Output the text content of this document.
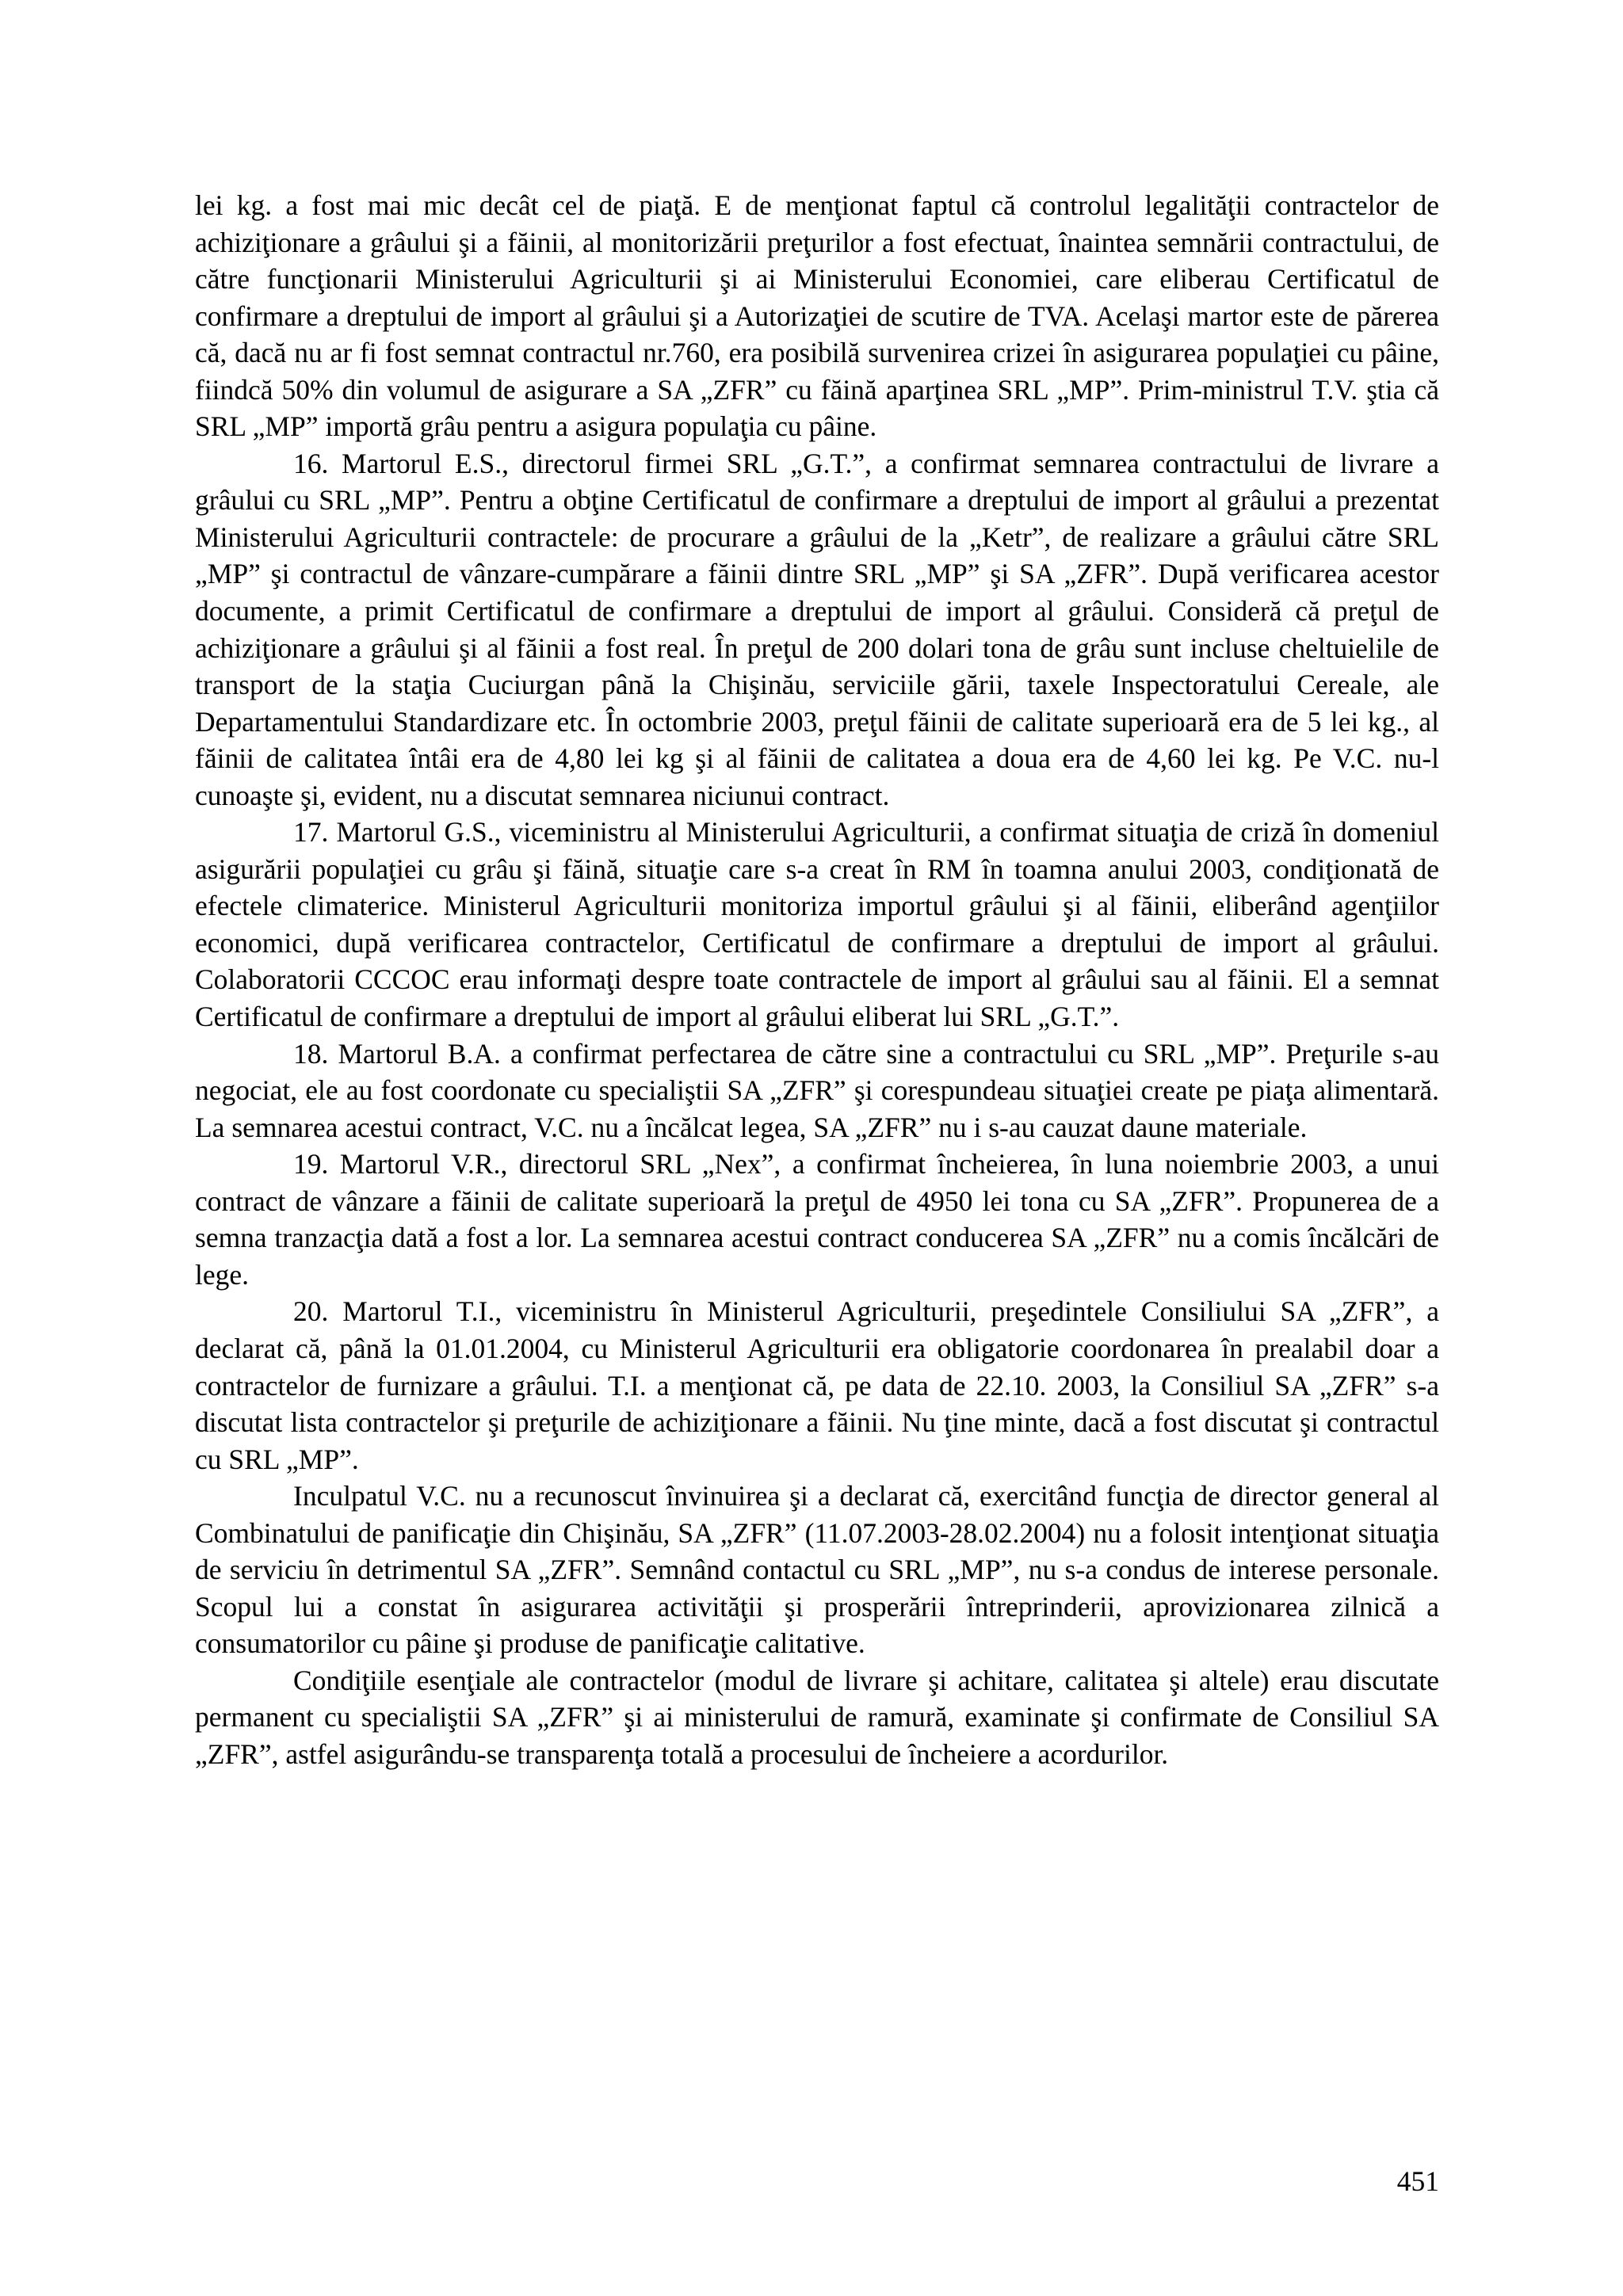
lei kg. a fost mai mic decât cel de piaţă. E de menţionat faptul că controlul legalităţii contractelor de achiziţionare a grâului şi a făinii, al monitorizării preţurilor a fost efectuat, înaintea semnării contractului, de către funcţionarii Ministerului Agriculturii şi ai Ministerului Economiei, care eliberau Certificatul de confirmare a dreptului de import al grâului şi a Autorizaţiei de scutire de TVA. Acelaşi martor este de părerea că, dacă nu ar fi fost semnat contractul nr.760, era posibilă survenirea crizei în asigurarea populaţiei cu pâine, fiindcă 50% din volumul de asigurare a SA „ZFR” cu făină aparţinea SRL „MP”. Prim-ministrul T.V. ştia că SRL „MP” importă grâu pentru a asigura populaţia cu pâine.

16. Martorul E.S., directorul firmei SRL „G.T.”, a confirmat semnarea contractului de livrare a grâului cu SRL „MP”. Pentru a obţine Certificatul de confirmare a dreptului de import al grâului a prezentat Ministerului Agriculturii contractele: de procurare a grâului de la „Ketr”, de realizare a grâului către SRL „MP” şi contractul de vânzare-cumpărare a făinii dintre SRL „MP” şi SA „ZFR”. După verificarea acestor documente, a primit Certificatul de confirmare a dreptului de import al grâului. Consideră că preţul de achiziţionare a grâului şi al făinii a fost real. În preţul de 200 dolari tona de grâu sunt incluse cheltuielile de transport de la staţia Cuciurgan până la Chişinău, serviciile gării, taxele Inspectoratului Cereale, ale Departamentului Standardizare etc. În octombrie 2003, preţul făinii de calitate superioară era de 5 lei kg., al făinii de calitatea întâi era de 4,80 lei kg şi al făinii de calitatea a doua era de 4,60 lei kg. Pe V.C. nu-l cunoaşte şi, evident, nu a discutat semnarea niciunui contract.

17. Martorul G.S., viceministru al Ministerului Agriculturii, a confirmat situaţia de criză în domeniul asigurării populaţiei cu grâu şi făină, situaţie care s-a creat în RM în toamna anului 2003, condiţionată de efectele climaterice. Ministerul Agriculturii monitoriza importul grâului şi al făinii, eliberând agenţiilor economici, după verificarea contractelor, Certificatul de confirmare a dreptului de import al grâului. Colaboratorii CCCOC erau informaţi despre toate contractele de import al grâului sau al făinii. El a semnat Certificatul de confirmare a dreptului de import al grâului eliberat lui SRL „G.T.”.

18. Martorul B.A. a confirmat perfectarea de către sine a contractului cu SRL „MP”. Preţurile s-au negociat, ele au fost coordonate cu specialiştii SA „ZFR” şi corespundeau situaţiei create pe piaţa alimentară. La semnarea acestui contract, V.C. nu a încălcat legea, SA „ZFR” nu i s-au cauzat daune materiale.

19. Martorul V.R., directorul SRL „Nex”, a confirmat încheierea, în luna noiembrie 2003, a unui contract de vânzare a făinii de calitate superioară la preţul de 4950 lei tona cu SA „ZFR”. Propunerea de a semna tranzacţia dată a fost a lor. La semnarea acestui contract conducerea SA „ZFR” nu a comis încălcări de lege.

20. Martorul T.I., viceministru în Ministerul Agriculturii, preşedintele Consiliului SA „ZFR”, a declarat că, până la 01.01.2004, cu Ministerul Agriculturii era obligatorie coordonarea în prealabil doar a contractelor de furnizare a grâului. T.I. a menţionat că, pe data de 22.10. 2003, la Consiliul SA „ZFR” s-a discutat lista contractelor şi preţurile de achiziţionare a făinii. Nu ţine minte, dacă a fost discutat şi contractul cu SRL „MP”.

Inculpatul V.C. nu a recunoscut învinuirea şi a declarat că, exercitând funcţia de director general al Combinatului de panificaţie din Chişinău, SA „ZFR” (11.07.2003-28.02.2004) nu a folosit intenţionat situaţia de serviciu în detrimentul SA „ZFR”. Semnând contactul cu SRL „MP”, nu s-a condus de interese personale. Scopul lui a constat în asigurarea activităţii şi prosperării întreprinderii, aprovizionarea zilnică a consumatorilor cu pâine şi produse de panificaţie calitative.

Condiţiile esenţiale ale contractelor (modul de livrare şi achitare, calitatea şi altele) erau discutate permanent cu specialiştii SA „ZFR” şi ai ministerului de ramură, examinate şi confirmate de Consiliul SA „ZFR”, astfel asigurându-se transparenţa totală a procesului de încheiere a acordurilor.

451
